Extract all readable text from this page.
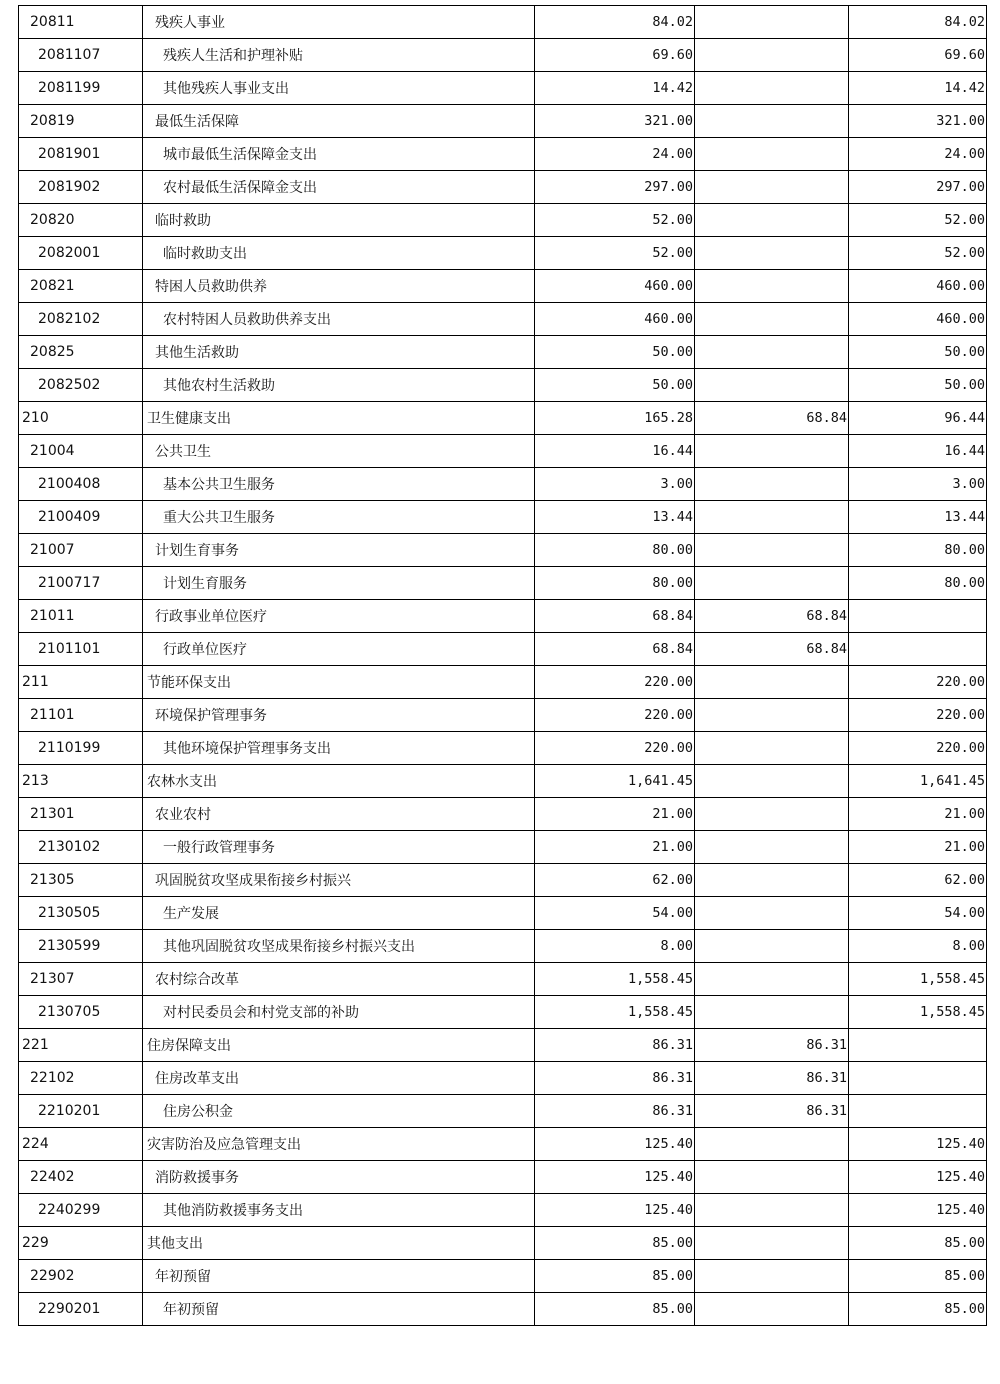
20811	残疾人事业	84.02		84.02
2081107	残疾人生活和护理补贴	69.60		69.60
2081199	其他残疾人事业支出	14.42		14.42
20819	最低生活保障	321.00		321.00
2081901	城市最低生活保障金支出	24.00		24.00
2081902	农村最低生活保障金支出	297.00		297.00
20820	临时救助	52.00		52.00
2082001	临时救助支出	52.00		52.00
20821	特困人员救助供养	460.00		460.00
2082102	农村特困人员救助供养支出	460.00		460.00
20825	其他生活救助	50.00		50.00
2082502	其他农村生活救助	50.00		50.00
210	卫生健康支出	165.28	68.84	96.44
21004	公共卫生	16.44		16.44
2100408	基本公共卫生服务	3.00		3.00
2100409	重大公共卫生服务	13.44		13.44
21007	计划生育事务	80.00		80.00
2100717	计划生育服务	80.00		80.00
21011	行政事业单位医疗	68.84	68.84	
2101101	行政单位医疗	68.84	68.84	
211	节能环保支出	220.00		220.00
21101	环境保护管理事务	220.00		220.00
2110199	其他环境保护管理事务支出	220.00		220.00
213	农林水支出	1,641.45		1,641.45
21301	农业农村	21.00		21.00
2130102	一般行政管理事务	21.00		21.00
21305	巩固脱贫攻坚成果衔接乡村振兴	62.00		62.00
2130505	生产发展	54.00		54.00
2130599	其他巩固脱贫攻坚成果衔接乡村振兴支出	8.00		8.00
21307	农村综合改革	1,558.45		1,558.45
2130705	对村民委员会和村党支部的补助	1,558.45		1,558.45
221	住房保障支出	86.31	86.31	
22102	住房改革支出	86.31	86.31	
2210201	住房公积金	86.31	86.31	
224	灾害防治及应急管理支出	125.40		125.40
22402	消防救援事务	125.40		125.40
2240299	其他消防救援事务支出	125.40		125.40
229	其他支出	85.00		85.00
22902	年初预留	85.00		85.00
2290201	年初预留	85.00		85.00
